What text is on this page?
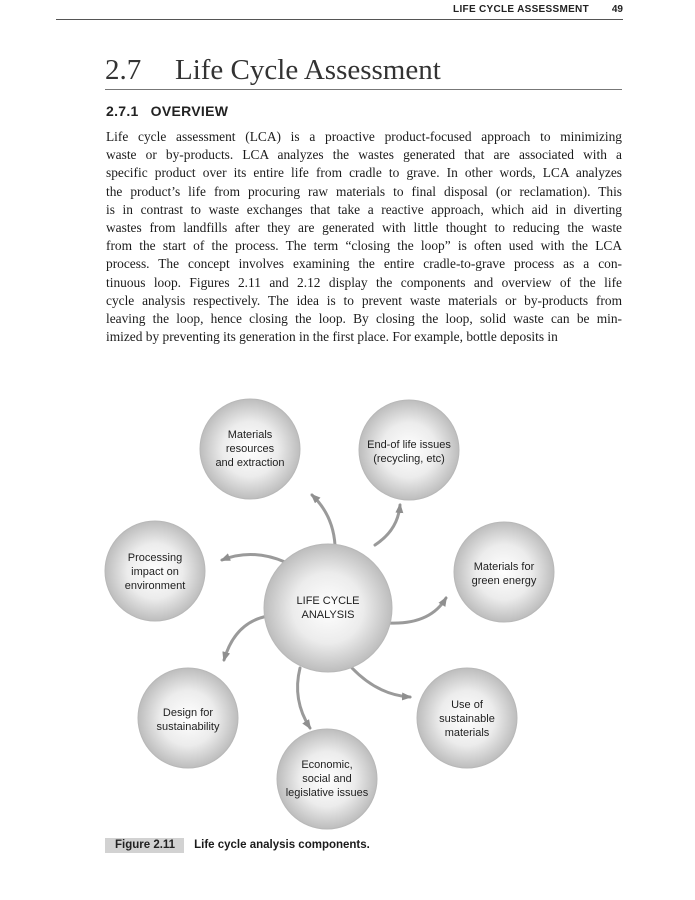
LIFE CYCLE ASSESSMENT 49
2.7 Life Cycle Assessment
2.7.1 OVERVIEW

Life cycle assessment (LCA) is a proactive product-focused approach to minimizing
waste or by-products. LCA analyzes the wastes generated that are associated with a
specific product over its entire life from cradle to grave. In other words, LCA analyzes
the product’s life from procuring raw materials to final disposal (or reclamation). This
is in contrast to waste exchanges that take a reactive approach, which aid in diverting
wastes from landfills after they are generated with little thought to reducing the waste
from the start of the process. The term “closing the loop” is often used with the LCA
process. The concept involves examining the entire cradle-to-grave process as a con-
tinuous loop. Figures 2.11 and 2.12 display the components and overview of the life
cycle analysis respectively. The idea is to prevent waste materials or by-products from
leaving the loop, hence closing the loop. By closing the loop, solid waste can be min-
imized by preventing its generation in the first place. For example, bottle deposits in

LIFE CYCLE
ANALYSIS
Materials
resources
and extraction
End-of life issues
(recycling, etc)
Processing
impact on
environment
Materials for
green energy
Design for
sustainability
Use of
sustainable
materials
Economic,
social and
legislative issues
Figure 2.11 Life cycle analysis components.
